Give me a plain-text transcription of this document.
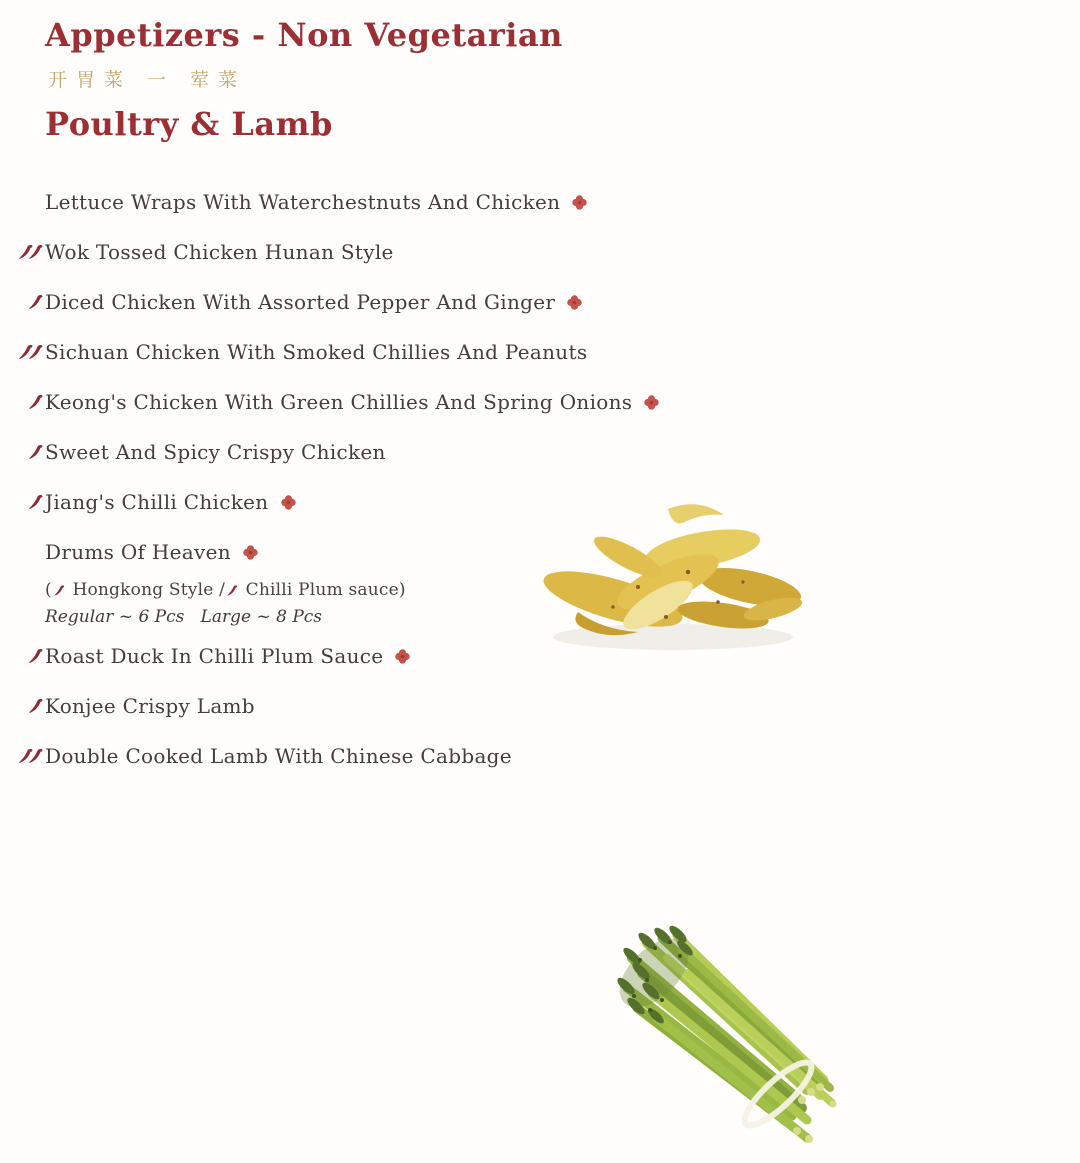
Appetizers - Non Vegetarian
开胃菜 一 荤菜
Poultry & Lamb
Lettuce Wraps With Waterchestnuts And Chicken
Wok Tossed Chicken Hunan Style
Diced Chicken With Assorted Pepper And Ginger
Sichuan Chicken With Smoked Chillies And Peanuts
Keong's Chicken With Green Chillies And Spring Onions
Sweet And Spicy Crispy Chicken
Jiang's Chilli Chicken
Drums Of Heaven
( Hongkong Style / Chilli Plum sauce)
Regular ~ 6 Pcs   Large ~ 8 Pcs
Roast Duck In Chilli Plum Sauce
Konjee Crispy Lamb
Double Cooked Lamb With Chinese Cabbage
